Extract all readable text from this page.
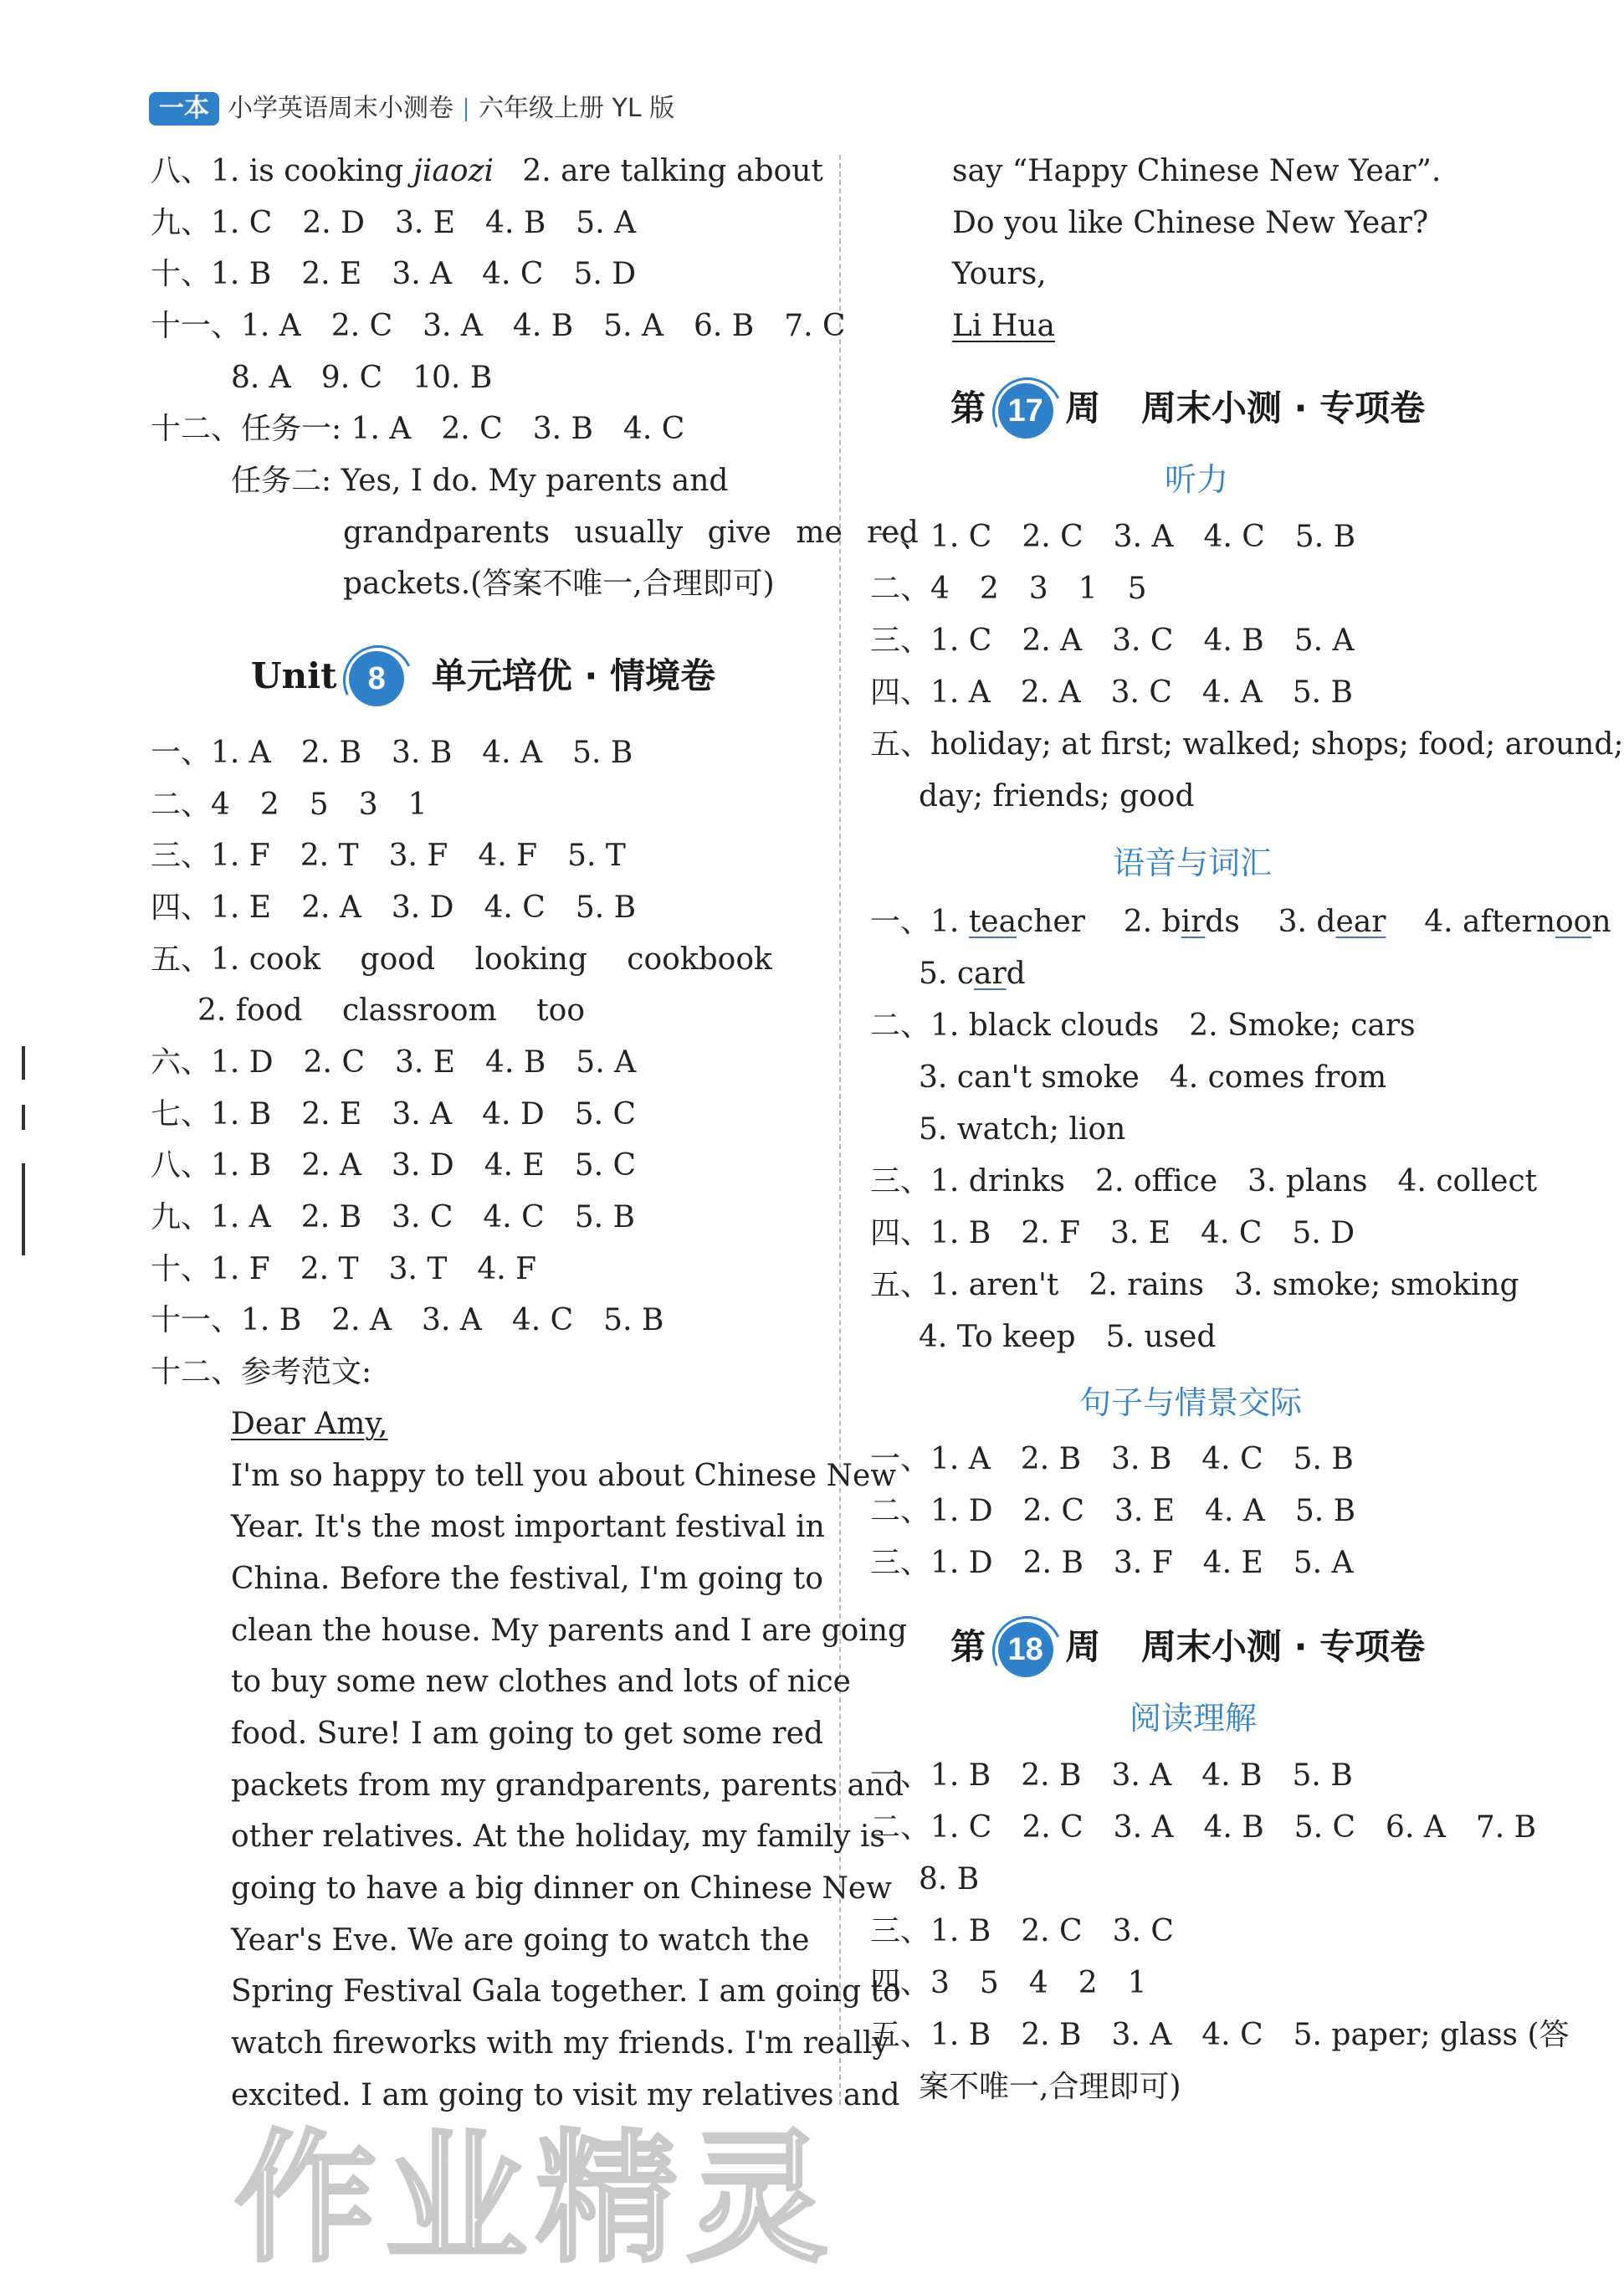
一本 小学英语周末小测卷 六年级上册 YL 版
八、1. is cooking jiaozi 2. are talking about
九、1. C　2. D　3. E　4. B　5. A
十、1. B　2. E　3. A　4. C　5. D
十一、1. A　2. C　3. A　4. B　5. A　6. B　7. C
8. A　9. C　10. B
十二、任务一: 1. A　2. C　3. B　4. C
任务二: Yes, I do. My parents and
grandparents usually give me red
packets.(答案不唯一,合理即可)
Unit 8 单元培优 · 情境卷
一、1. A　2. B　3. B　4. A　5. B
二、4　2　5　3　1
三、1. F　2. T　3. F　4. F　5. T
四、1. E　2. A　3. D　4. C　5. B
五、1. cook　 good　 looking　 cookbook
2. food　 classroom　 too
六、1. D　2. C　3. E　4. B　5. A
七、1. B　2. E　3. A　4. D　5. C
八、1. B　2. A　3. D　4. E　5. C
九、1. A　2. B　3. C　4. C　5. B
十、1. F　2. T　3. T　4. F
十一、1. B　2. A　3. A　4. C　5. B
十二、参考范文:
Dear Amy,
I'm so happy to tell you about Chinese New
Year. It's the most important festival in
China. Before the festival, I'm going to
clean the house. My parents and I are going
to buy some new clothes and lots of nice
food. Sure! I am going to get some red
packets from my grandparents, parents and
other relatives. At the holiday, my family is
going to have a big dinner on Chinese New
Year's Eve. We are going to watch the
Spring Festival Gala together. I am going to
watch fireworks with my friends. I'm really
excited. I am going to visit my relatives and
say “Happy Chinese New Year”.
Do you like Chinese New Year?
Yours,
Li Hua
第 17 周 周末小测 · 专项卷
听力
一、1. C　2. C　3. A　4. C　5. B
二、4　2　3　1　5
三、1. C　2. A　3. C　4. B　5. A
四、1. A　2. A　3. C　4. A　5. B
五、holiday; at first; walked; shops; food; around;
day; friends; good
语音与词汇
一、1. teacher 2. birds 3. dear 4. afternoon
5. card
二、1. black clouds　2. Smoke; cars
3. can't smoke　4. comes from
5. watch; lion
三、1. drinks　2. office　3. plans　4. collect
四、1. B　2. F　3. E　4. C　5. D
五、1. aren't　2. rains　3. smoke; smoking
4. To keep　5. used
句子与情景交际
一、1. A　2. B　3. B　4. C　5. B
二、1. D　2. C　3. E　4. A　5. B
三、1. D　2. B　3. F　4. E　5. A
第 18 周 周末小测 · 专项卷
阅读理解
一、1. B　2. B　3. A　4. B　5. B
二、1. C　2. C　3. A　4. B　5. C　6. A　7. B
8. B
三、1. B　2. C　3. C
四、3　5　4　2　1
五、1. B　2. B　3. A　4. C　5. paper; glass (答
案不唯一,合理即可)
作业精灵
